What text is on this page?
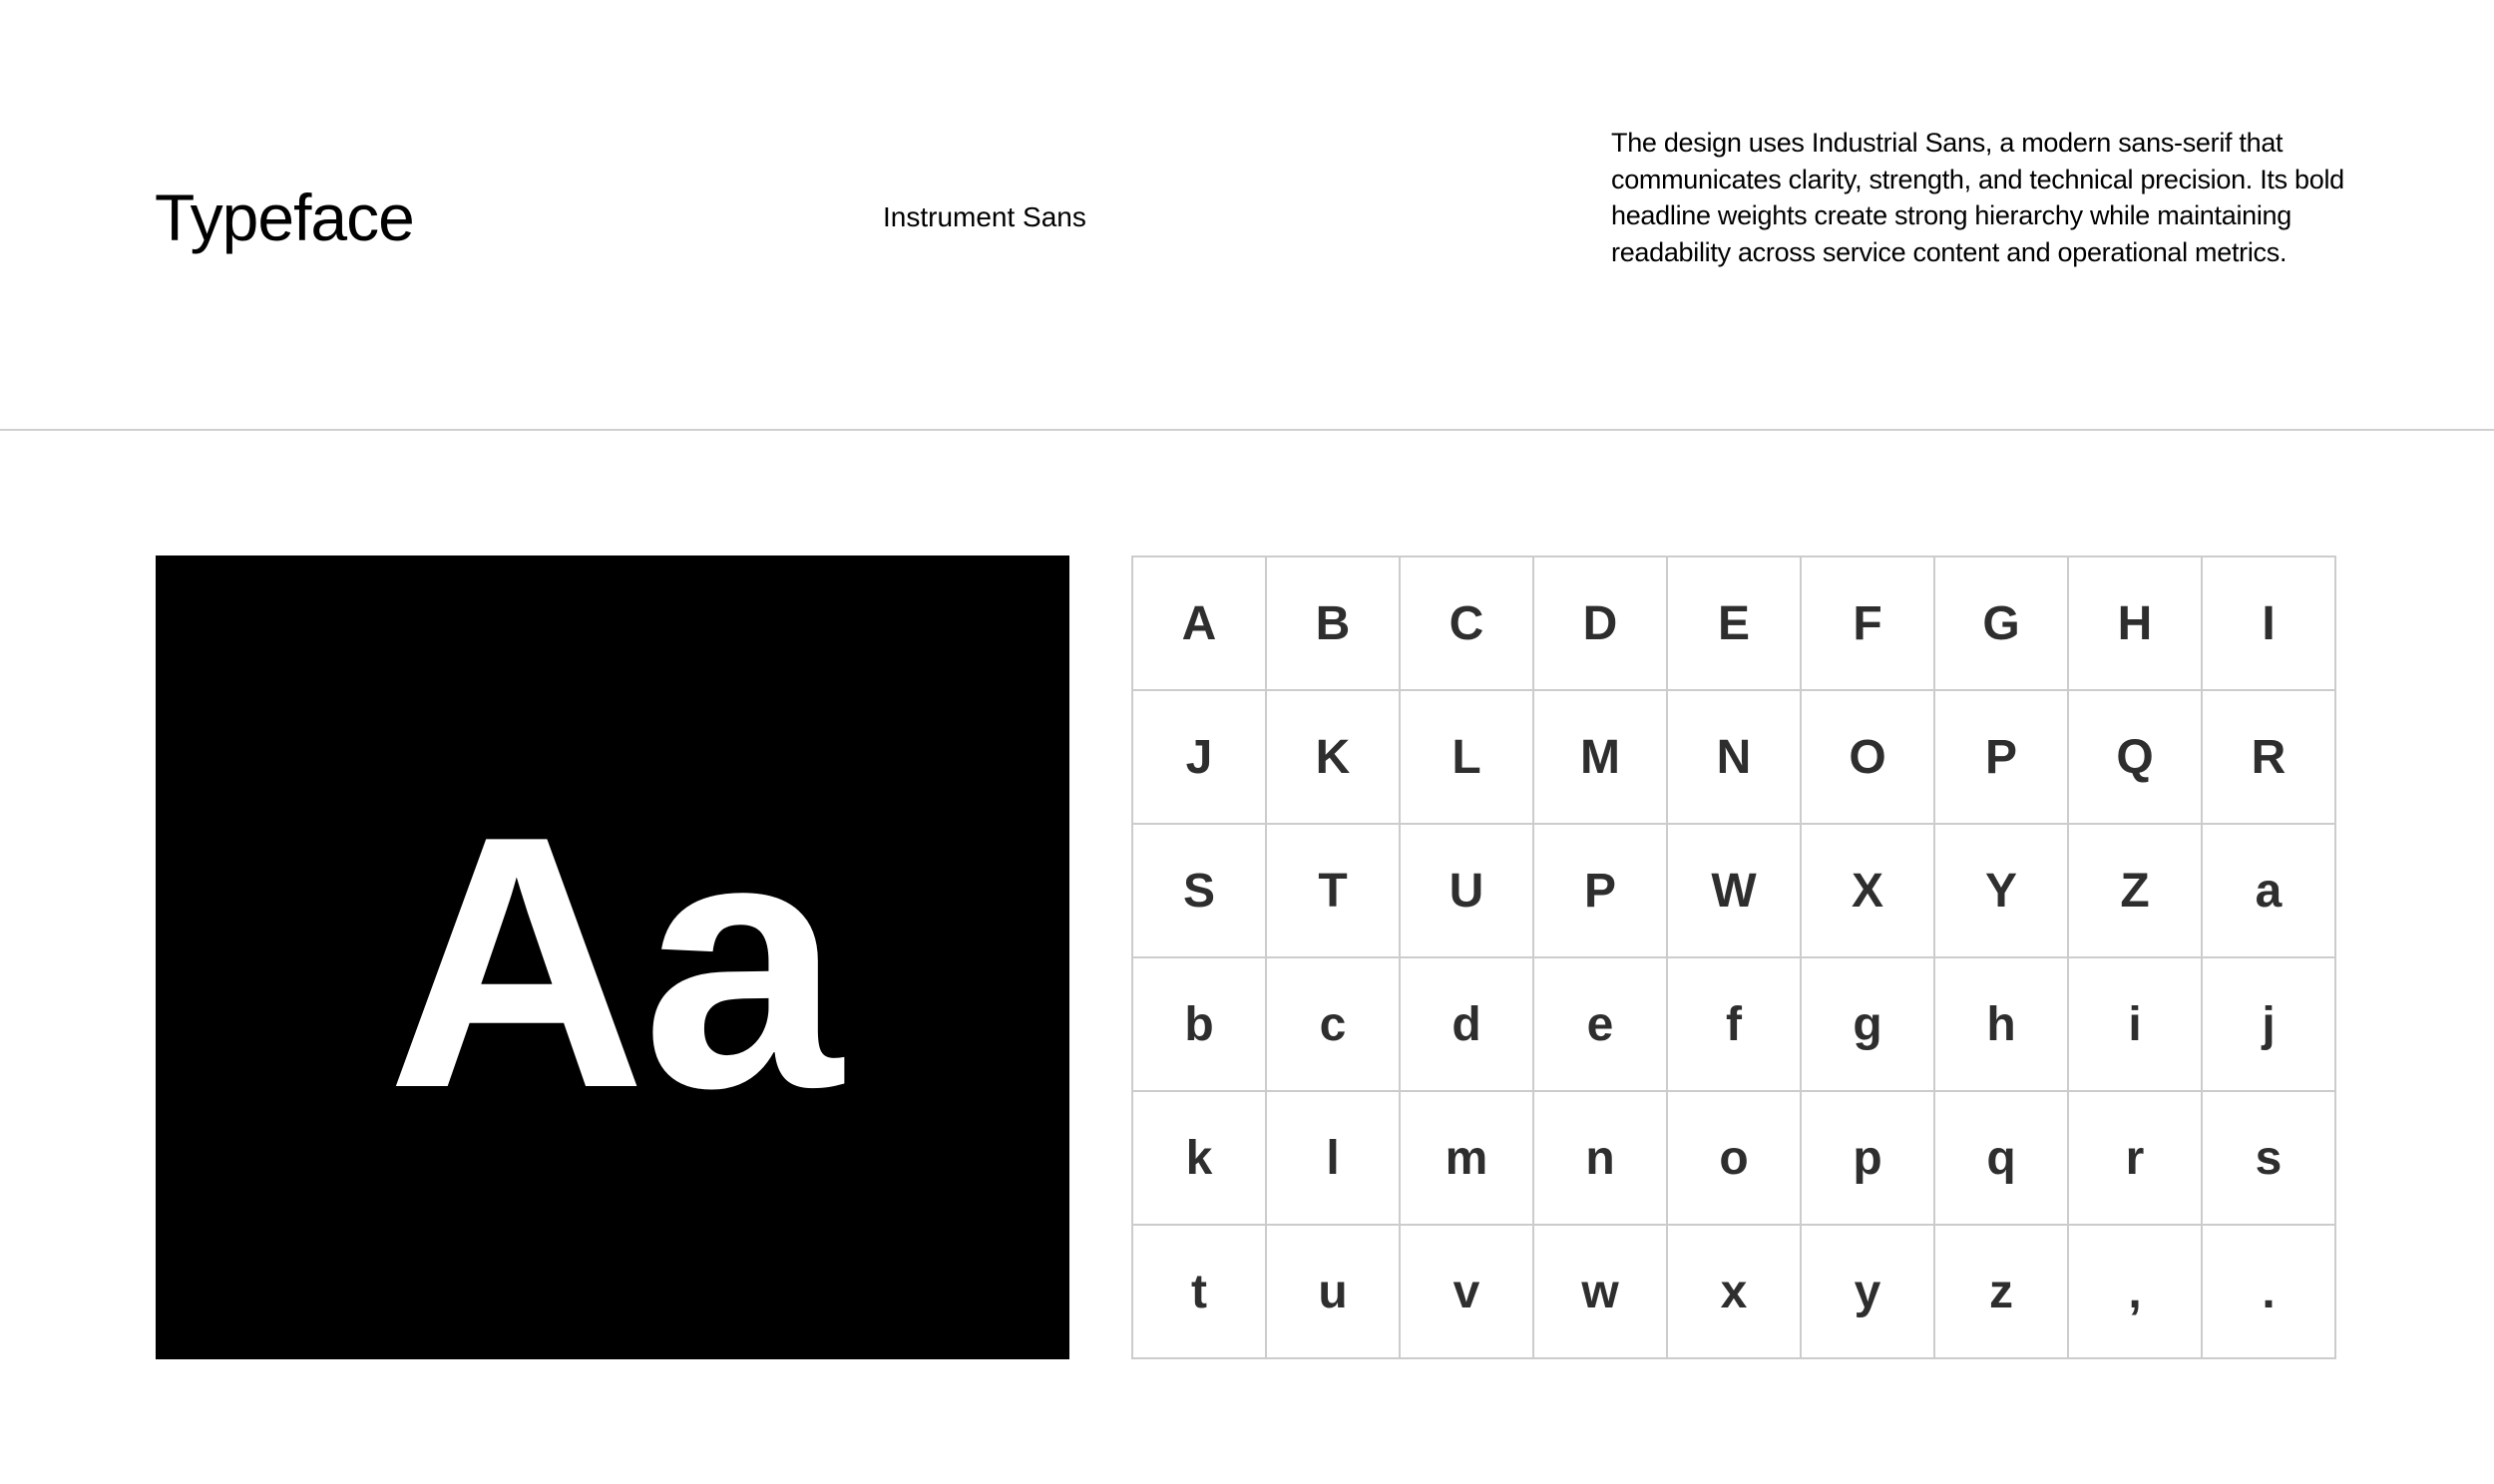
Typeface	Instrument Sans

The design uses Industrial Sans, a modern sans-serif that communicates clarity, strength, and technical precision. Its bold headline weights create strong hierarchy while maintaining readability across service content and operational metrics.

Aa
A	B	C	D	E	F	G	H	I
J	K	L	M	N	O	P	Q	R
S	T	U	P	W	X	Y	Z	a
b	c	d	e	f	g	h	i	j
k	l	m	n	o	p	q	r	s
t	u	v	w	x	y	z	,	.
